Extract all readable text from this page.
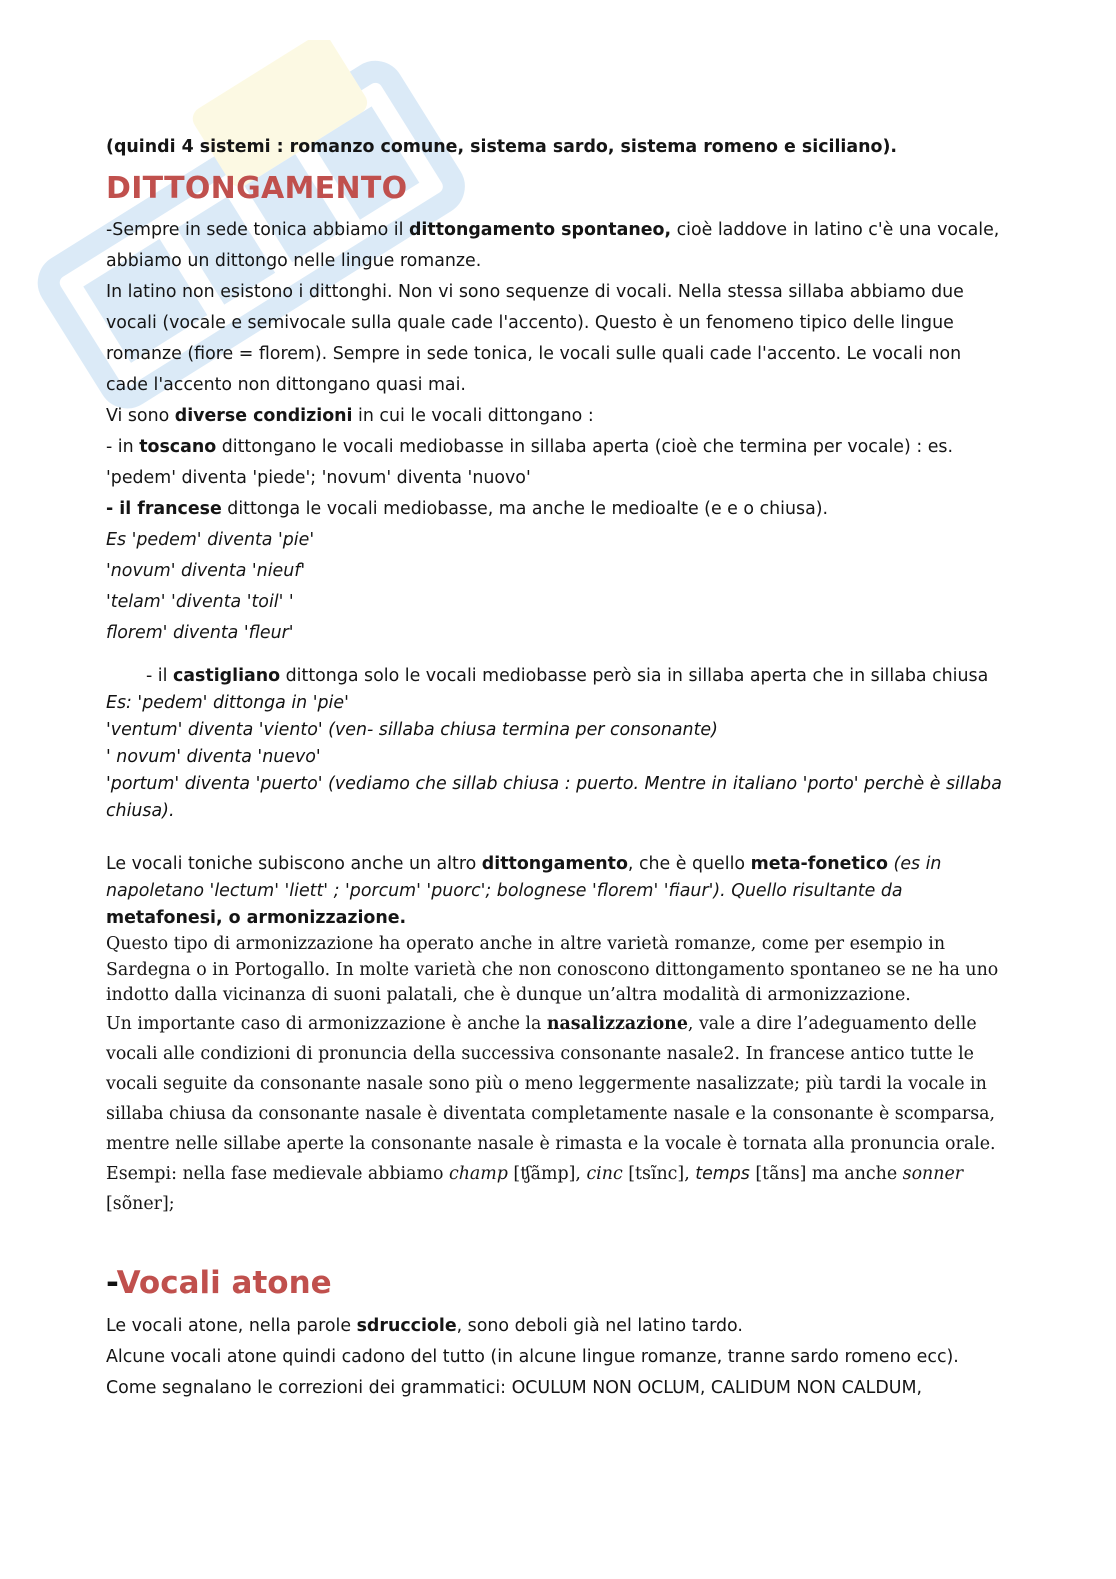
(quindi 4 sistemi : romanzo comune, sistema sardo, sistema romeno e siciliano).

DITTONGAMENTO

-Sempre in sede tonica abbiamo il dittongamento spontaneo, cioè laddove in latino c'è una vocale, abbiamo un dittongo nelle lingue romanze.

In latino non esistono i dittonghi. Non vi sono sequenze di vocali. Nella stessa sillaba abbiamo due vocali (vocale e semivocale sulla quale cade l'accento). Questo è un fenomeno tipico delle lingue romanze (fiore = florem). Sempre in sede tonica, le vocali sulle quali cade l'accento. Le vocali non cade l'accento non dittongano quasi mai.

Vi sono diverse condizioni in cui le vocali dittongano :

- in toscano dittongano le vocali mediobasse in sillaba aperta (cioè che termina per vocale) : es. 'pedem' diventa 'piede'; 'novum' diventa 'nuovo'

- il francese dittonga le vocali mediobasse, ma anche le medioalte (e e o chiusa).

Es 'pedem' diventa 'pie'

'novum' diventa 'nieuf'

'telam' 'diventa 'toil' '

florem' diventa 'fleur'

- il castigliano dittonga solo le vocali mediobasse però sia in sillaba aperta che in sillaba chiusa

Es: 'pedem' dittonga in 'pie'

'ventum' diventa 'viento' (ven- sillaba chiusa termina per consonante)

' novum' diventa 'nuevo'

'portum' diventa 'puerto' (vediamo che sillab chiusa : puerto. Mentre in italiano 'porto' perchè è sillaba chiusa).

Le vocali toniche subiscono anche un altro dittongamento, che è quello meta-fonetico (es in napoletano 'lectum' 'liett' ; 'porcum' 'puorc'; bolognese 'florem' 'fiaur'). Quello risultante da metafonesi, o armonizzazione.

Questo tipo di armonizzazione ha operato anche in altre varietà romanze, come per esempio in Sardegna o in Portogallo. In molte varietà che non conoscono dittongamento spontaneo se ne ha uno indotto dalla vicinanza di suoni palatali, che è dunque un’altra modalità di armonizzazione.

Un importante caso di armonizzazione è anche la nasalizzazione, vale a dire l’adeguamento delle vocali alle condizioni di pronuncia della successiva consonante nasale2. In francese antico tutte le vocali seguite da consonante nasale sono più o meno leggermente nasalizzate; più tardi la vocale in sillaba chiusa da consonante nasale è diventata completamente nasale e la consonante è scomparsa, mentre nelle sillabe aperte la consonante nasale è rimasta e la vocale è tornata alla pronuncia orale. Esempi: nella fase medievale abbiamo champ [ʧãmp], cinc [tsĩnc], temps [tãns] ma anche sonner [sõner];

-Vocali atone

Le vocali atone, nella parole sdrucciole, sono deboli già nel latino tardo.

Alcune vocali atone quindi cadono del tutto (in alcune lingue romanze, tranne sardo romeno ecc).

Come segnalano le correzioni dei grammatici: OCULUM NON OCLUM, CALIDUM NON CALDUM,
